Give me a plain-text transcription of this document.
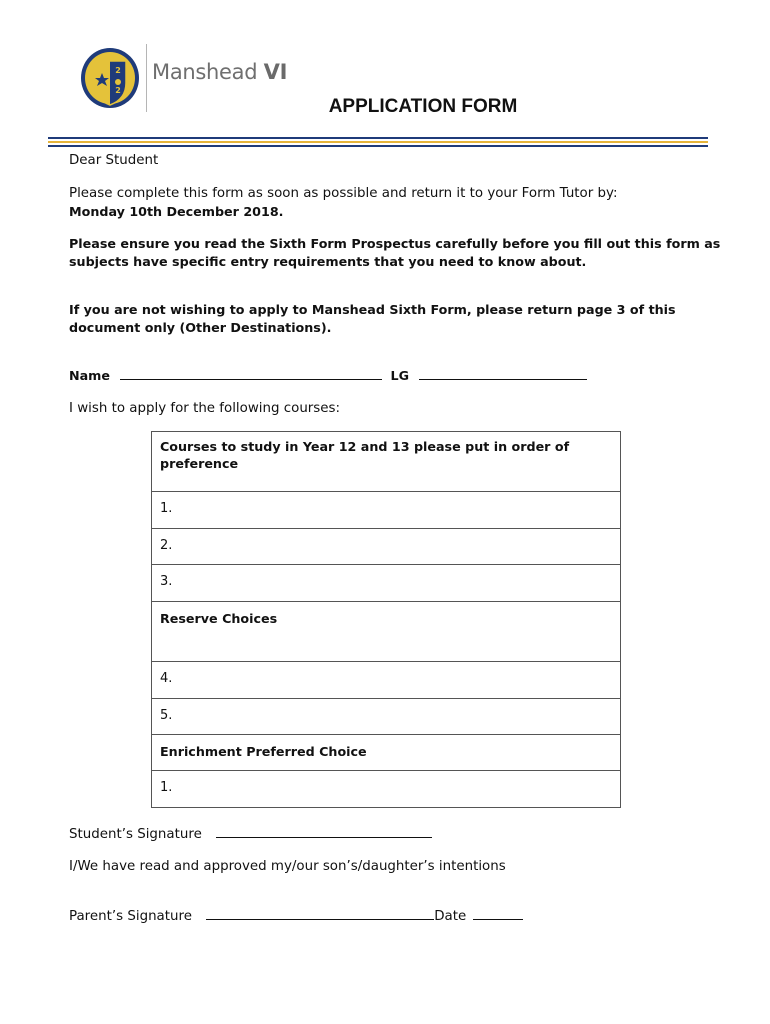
2
2
Manshead VI
APPLICATION FORM
Dear Student
Please complete this form as soon as possible and return it to your Form Tutor by:
Monday 10th December 2018.
Please ensure you read the Sixth Form Prospectus carefully before you fill out this form as
subjects have specific entry requirements that you need to know about.
If you are not wishing to apply to Manshead Sixth Form, please return page 3 of this
document only (Other Destinations).
Name	LG
I wish to apply for the following courses:
Courses to study in Year 12 and 13 please put in order of
preference

1.
2.
3.
Reserve Choices
4.
5.
Enrichment Preferred Choice
1.
Student’s Signature
I/We have read and approved my/our son’s/daughter’s intentions
Parent’s Signature	Date
